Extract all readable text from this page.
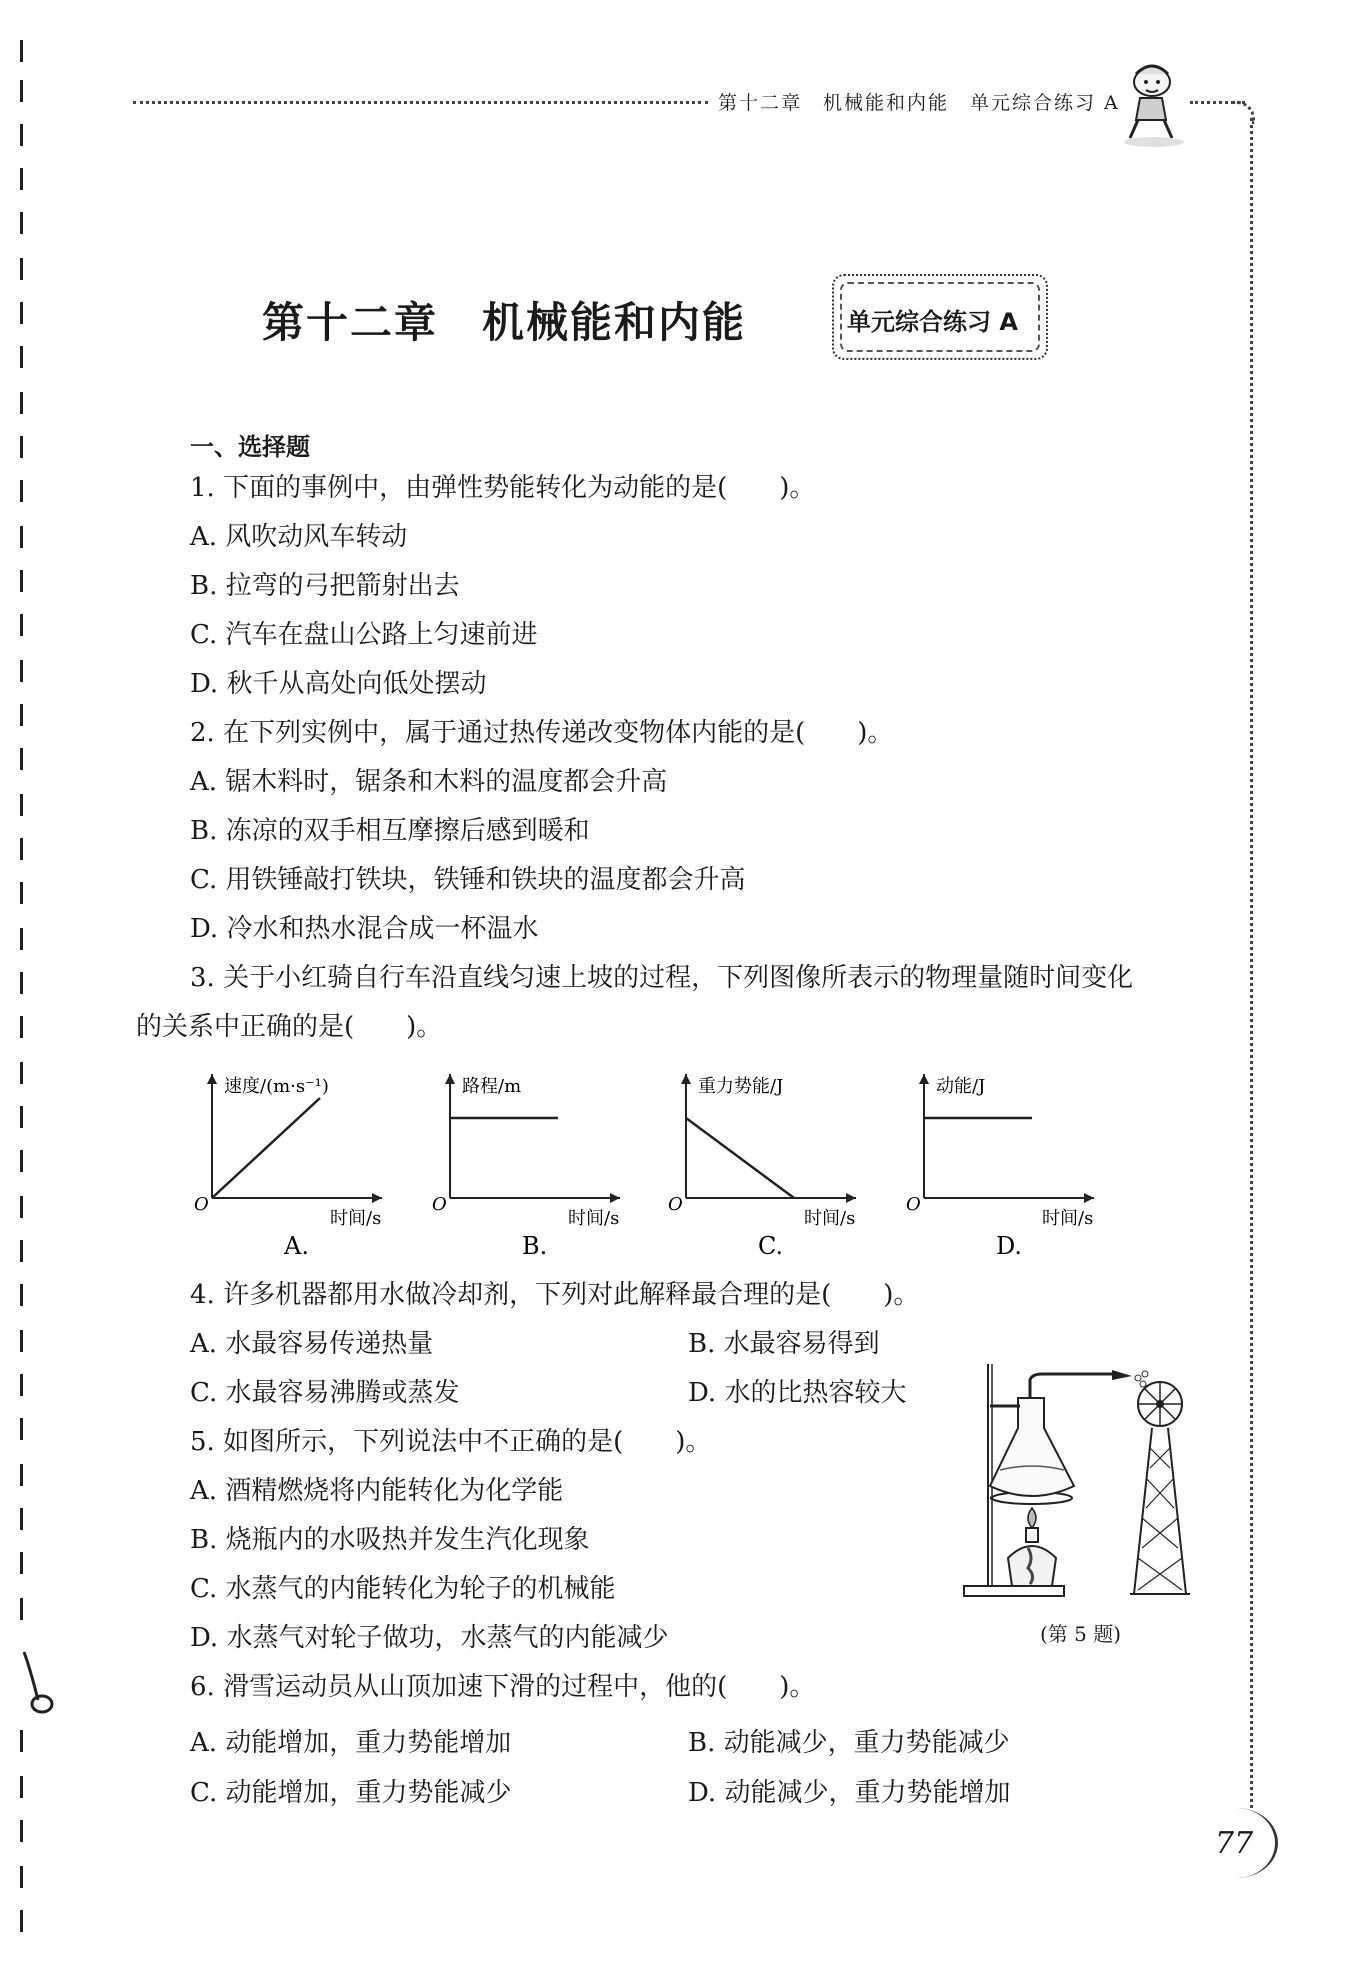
第十二章　机械能和内能　单元综合练习 A
第十二章　机械能和内能	单元综合练习 A
一、选择题
1. 下面的事例中，由弹性势能转化为动能的是(　　)。
A. 风吹动风车转动
B. 拉弯的弓把箭射出去
C. 汽车在盘山公路上匀速前进
D. 秋千从高处向低处摆动
2. 在下列实例中，属于通过热传递改变物体内能的是(　　)。
A. 锯木料时，锯条和木料的温度都会升高
B. 冻凉的双手相互摩擦后感到暖和
C. 用铁锤敲打铁块，铁锤和铁块的温度都会升高
D. 冷水和热水混合成一杯温水
3. 关于小红骑自行车沿直线匀速上坡的过程，下列图像所表示的物理量随时间变化
的关系中正确的是(　　)。
速度/(m·s⁻¹)
时间/s
O
A.
路程/m
时间/s
O
B.
重力势能/J
时间/s
O
C.
动能/J
时间/s
O
D.
4. 许多机器都用水做冷却剂，下列对此解释最合理的是(　　)。
A. 水最容易传递热量	B. 水最容易得到
C. 水最容易沸腾或蒸发	D. 水的比热容较大
5. 如图所示，下列说法中不正确的是(　　)。
A. 酒精燃烧将内能转化为化学能
B. 烧瓶内的水吸热并发生汽化现象
C. 水蒸气的内能转化为轮子的机械能
D. 水蒸气对轮子做功，水蒸气的内能减少	(第 5 题)
6. 滑雪运动员从山顶加速下滑的过程中，他的(　　)。
A. 动能增加，重力势能增加	B. 动能减少，重力势能减少
C. 动能增加，重力势能减少	D. 动能减少，重力势能增加
77
